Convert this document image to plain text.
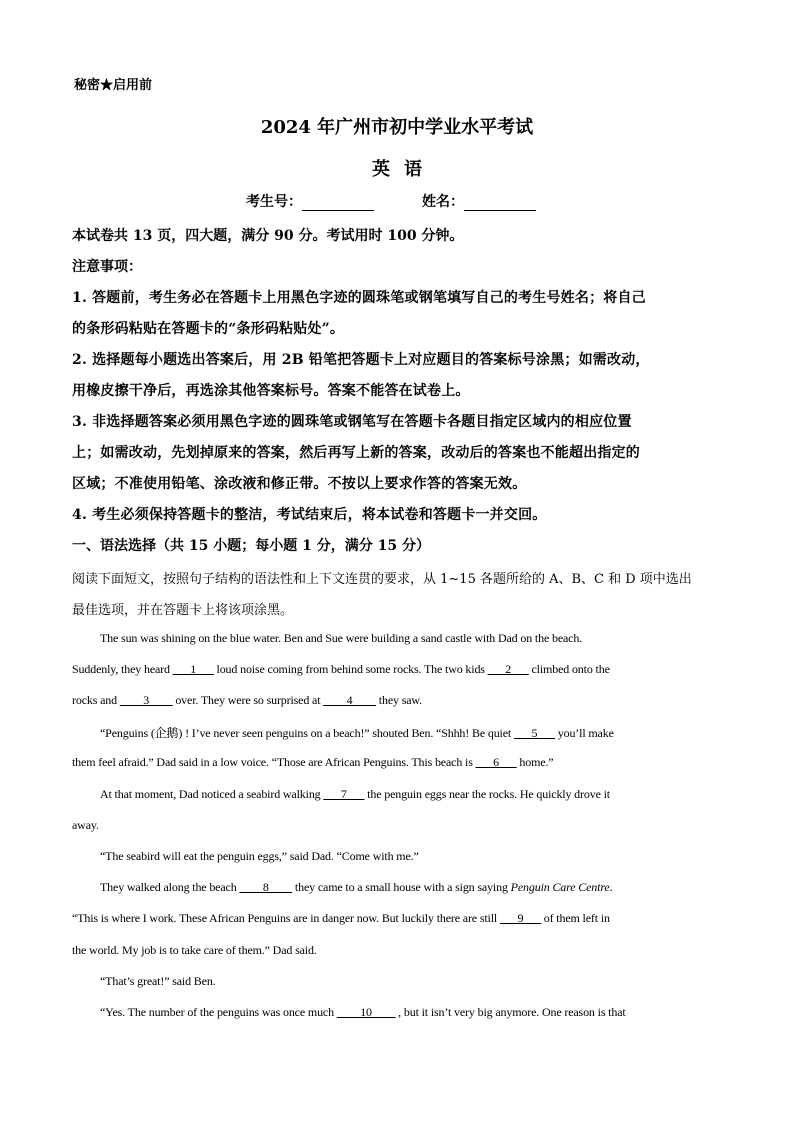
秘密★启用前
2024 年广州市初中学业水平考试
英语
考生号：	姓名：
本试卷共 13 页，四大题，满分 90 分。考试用时 100 分钟。
注意事项：
1. 答题前，考生务必在答题卡上用黑色字迹的圆珠笔或钢笔填写自己的考生号姓名；将自己
的条形码粘贴在答题卡的“条形码粘贴处”。
2. 选择题每小题选出答案后，用 2B 铅笔把答题卡上对应题目的答案标号涂黑；如需改动，
用橡皮擦干净后，再选涂其他答案标号。答案不能答在试卷上。
3. 非选择题答案必须用黑色字迹的圆珠笔或钢笔写在答题卡各题目指定区域内的相应位置
上；如需改动，先划掉原来的答案，然后再写上新的答案，改动后的答案也不能超出指定的
区域；不准使用铅笔、涂改液和修正带。不按以上要求作答的答案无效。
4. 考生必须保持答题卡的整洁，考试结束后，将本试卷和答题卡一并交回。
一、语法选择（共 15 小题；每小题 1 分，满分 15 分）
阅读下面短文，按照句子结构的语法性和上下文连贯的要求，从 1~15 各题所给的 A、B、C 和 D 项中选出
最佳选项，并在答题卡上将该项涂黑。
The sun was shining on the blue water. Ben and Sue were building a sand castle with Dad on the beach.
Suddenly, they heard ___1___ loud noise coming from behind some rocks. The two kids ___2___ climbed onto the
rocks and ____3____ over. They were so surprised at ____4____ they saw.
“Penguins (企鹅) ! I’ve never seen penguins on a beach!” shouted Ben. “Shhh! Be quiet ___5___ you’ll make
them feel afraid.” Dad said in a low voice. “Those are African Penguins. This beach is ___6___ home.”
At that moment, Dad noticed a seabird walking ___7___ the penguin eggs near the rocks. He quickly drove it
away.
“The seabird will eat the penguin eggs,” said Dad. “Come with me.”
They walked along the beach ____8____ they came to a small house with a sign saying Penguin Care Centre.
“This is where I work. These African Penguins are in danger now. But luckily there are still ___9___ of them left in
the world. My job is to take care of them.” Dad said.
“That’s great!” said Ben.
“Yes. The number of the penguins was once much ____10____ , but it isn’t very big anymore. One reason is that
